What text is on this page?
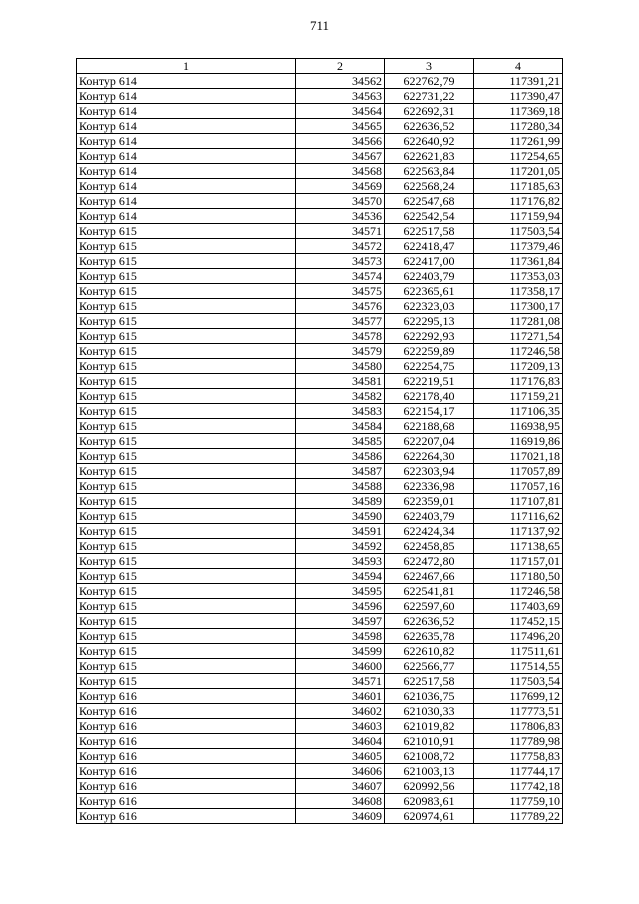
711
1	2	3	4
Контур 614	34562	622762,79	117391,21
Контур 614	34563	622731,22	117390,47
Контур 614	34564	622692,31	117369,18
Контур 614	34565	622636,52	117280,34
Контур 614	34566	622640,92	117261,99
Контур 614	34567	622621,83	117254,65
Контур 614	34568	622563,84	117201,05
Контур 614	34569	622568,24	117185,63
Контур 614	34570	622547,68	117176,82
Контур 614	34536	622542,54	117159,94
Контур 615	34571	622517,58	117503,54
Контур 615	34572	622418,47	117379,46
Контур 615	34573	622417,00	117361,84
Контур 615	34574	622403,79	117353,03
Контур 615	34575	622365,61	117358,17
Контур 615	34576	622323,03	117300,17
Контур 615	34577	622295,13	117281,08
Контур 615	34578	622292,93	117271,54
Контур 615	34579	622259,89	117246,58
Контур 615	34580	622254,75	117209,13
Контур 615	34581	622219,51	117176,83
Контур 615	34582	622178,40	117159,21
Контур 615	34583	622154,17	117106,35
Контур 615	34584	622188,68	116938,95
Контур 615	34585	622207,04	116919,86
Контур 615	34586	622264,30	117021,18
Контур 615	34587	622303,94	117057,89
Контур 615	34588	622336,98	117057,16
Контур 615	34589	622359,01	117107,81
Контур 615	34590	622403,79	117116,62
Контур 615	34591	622424,34	117137,92
Контур 615	34592	622458,85	117138,65
Контур 615	34593	622472,80	117157,01
Контур 615	34594	622467,66	117180,50
Контур 615	34595	622541,81	117246,58
Контур 615	34596	622597,60	117403,69
Контур 615	34597	622636,52	117452,15
Контур 615	34598	622635,78	117496,20
Контур 615	34599	622610,82	117511,61
Контур 615	34600	622566,77	117514,55
Контур 615	34571	622517,58	117503,54
Контур 616	34601	621036,75	117699,12
Контур 616	34602	621030,33	117773,51
Контур 616	34603	621019,82	117806,83
Контур 616	34604	621010,91	117789,98
Контур 616	34605	621008,72	117758,83
Контур 616	34606	621003,13	117744,17
Контур 616	34607	620992,56	117742,18
Контур 616	34608	620983,61	117759,10
Контур 616	34609	620974,61	117789,22
